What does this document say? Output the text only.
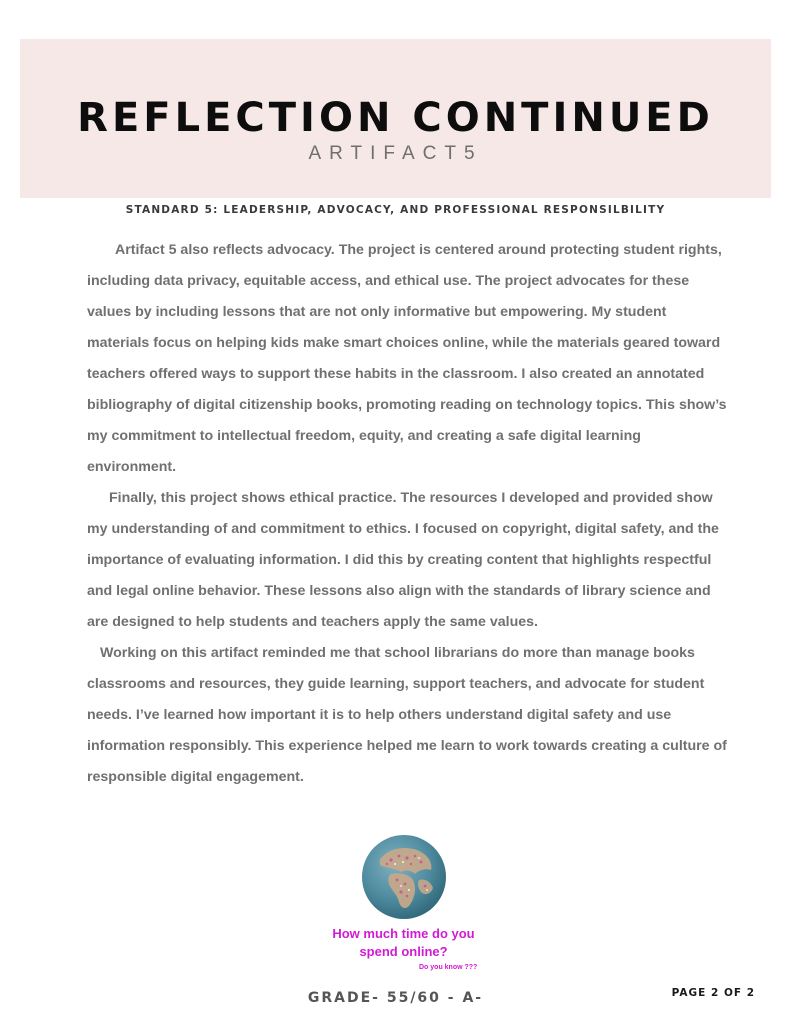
REFLECTION CONTINUED
ARTIFACT5
STANDARD 5: LEADERSHIP, ADVOCACY, AND PROFESSIONAL RESPONSILBILITY

Artifact 5 also reflects advocacy. The project is centered around protecting student rights, including data privacy, equitable access, and ethical use. The project advocates for these values by including lessons that are not only informative but empowering. My student materials focus on helping kids make smart choices online, while the materials geared toward teachers offered ways to support these habits in the classroom. I also created an annotated bibliography of digital citizenship books, promoting reading on technology topics. This show’s my commitment to intellectual freedom, equity, and creating a safe digital learning environment.

Finally, this project shows ethical practice. The resources I developed and provided show my understanding of and commitment to ethics. I focused on copyright, digital safety, and the importance of evaluating information. I did this by creating content that highlights respectful and legal online behavior. These lessons also align with the standards of library science and are designed to help students and teachers apply the same values.

Working on this artifact reminded me that school librarians do more than manage books classrooms and resources, they guide learning, support teachers, and advocate for student needs. I’ve learned how important it is to help others understand digital safety and use information responsibly. This experience helped me learn to work towards creating a culture of responsible digital engagement.

How much time do you
spend online?
Do you know ???
GRADE- 55/60 - A-	PAGE 2 OF 2
